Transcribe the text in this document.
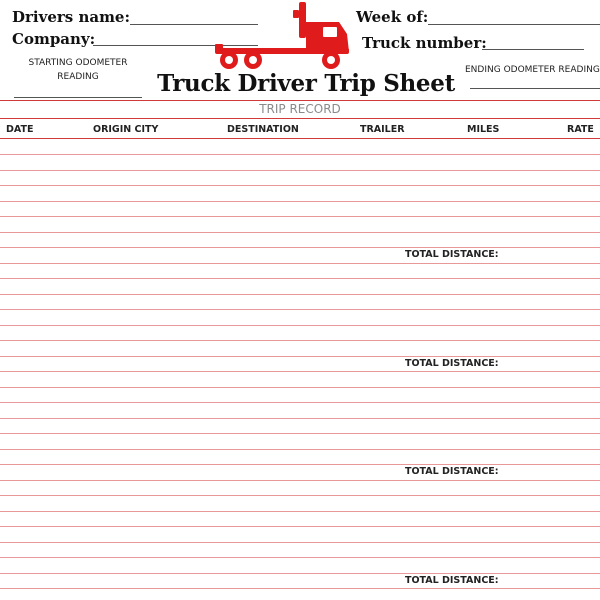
Drivers name:
Company:
Week of:
Truck number:
STARTING ODOMETER
READING
ENDING ODOMETER READING
Truck Driver Trip Sheet
TRIP RECORD
DATE	ORIGIN CITY	DESTINATION	TRAILER	MILES	RATE
TOTAL DISTANCE:
TOTAL DISTANCE:
TOTAL DISTANCE:
TOTAL DISTANCE:
